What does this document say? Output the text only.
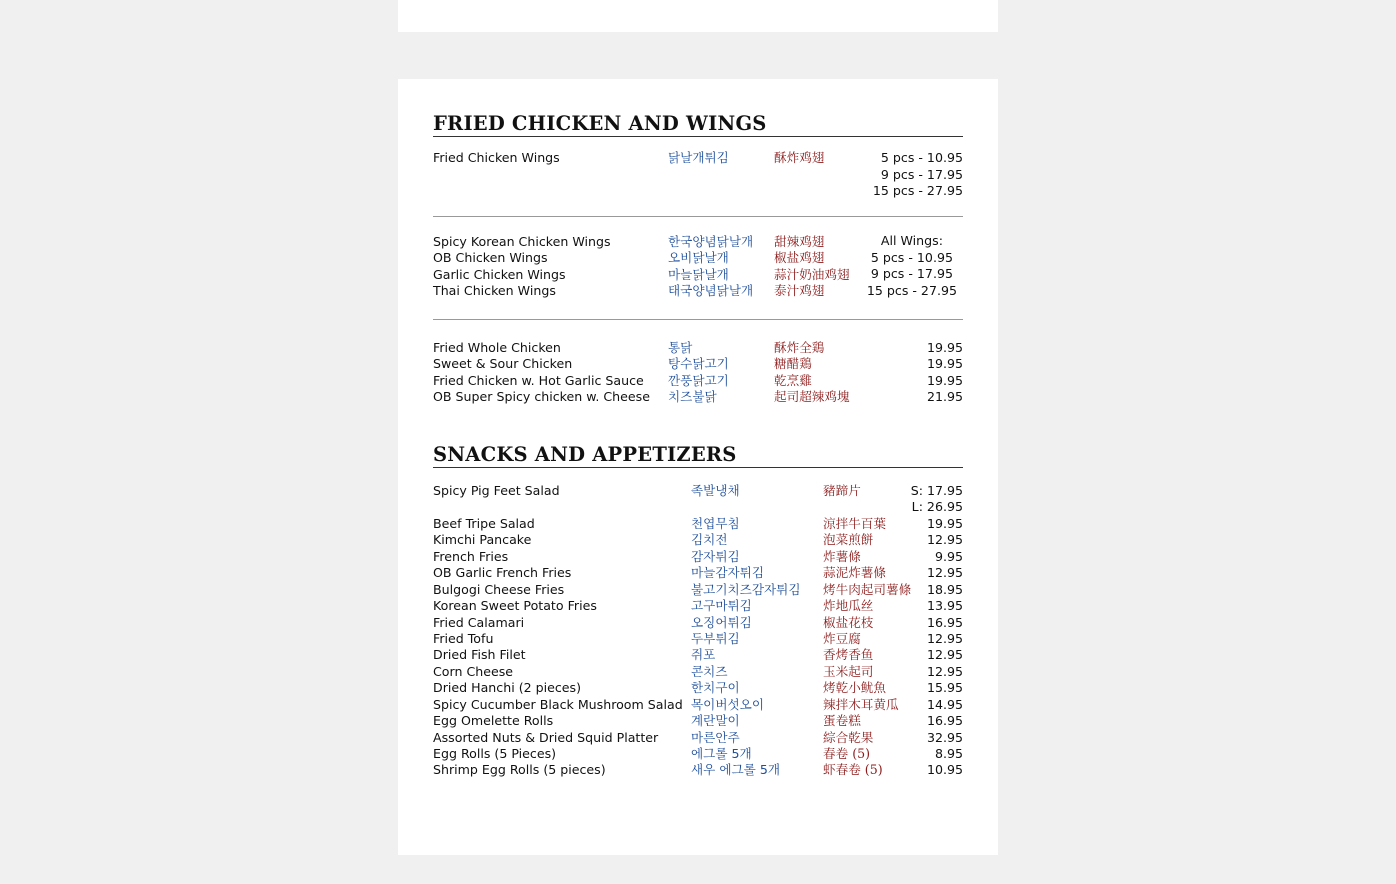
FRIED CHICKEN AND WINGS
Fried Chicken Wings	닭날개튀김	酥炸鸡翅	5 pcs - 10.95
9 pcs - 17.95
15 pcs - 27.95
Spicy Korean Chicken Wings	한국양념닭날개 甜辣鸡翅
OB Chicken Wings	오비닭날개	椒盐鸡翅
Garlic Chicken Wings	마늘닭날개	蒜汁奶油鸡翅
Thai Chicken Wings	태국양념닭날개 泰汁鸡翅
All Wings:
5 pcs - 10.95
9 pcs - 17.95
15 pcs - 27.95
Fried Whole Chicken	통닭	酥炸全鶏	19.95
Sweet & Sour Chicken	탕수닭고기	糖醋鶏	19.95
Fried Chicken w. Hot Garlic Sauce 깐풍닭고기	乾烹雞	19.95
OB Super Spicy chicken w. Cheese 치즈불닭	起司超辣鸡塊	21.95
SNACKS AND APPETIZERS
Spicy Pig Feet Salad	족발냉채	豬蹄片	S: 17.95
L: 26.95
Beef Tripe Salad	천엽무침	涼拌牛百葉	19.95
Kimchi Pancake	김치전	泡菜煎餅	12.95
French Fries	감자튀김	炸薯條	9.95
OB Garlic French Fries	마늘감자튀김	蒜泥炸薯條	12.95
Bulgogi Cheese Fries	불고기치즈감자튀김 烤牛肉起司薯條 18.95
Korean Sweet Potato Fries	고구마튀김	炸地瓜丝	13.95
Fried Calamari	오징어튀김	椒盐花枝	16.95
Fried Tofu	두부튀김	炸豆腐	12.95
Dried Fish Filet	쥐포	香烤香鱼	12.95
Corn Cheese	콘치즈	玉米起司	12.95
Dried Hanchi (2 pieces)	한치구이	烤乾小鱿魚	15.95
Spicy Cucumber Black Mushroom Salad 목이버섯오이	辣拌木耳黄瓜 14.95
Egg Omelette Rolls	계란말이	蛋卷糕	16.95
Assorted Nuts & Dried Squid Platter	마른안주	綜合乾果	32.95
Egg Rolls (5 Pieces)	에그롤 5개	春卷 (5)	8.95
Shrimp Egg Rolls (5 pieces)	새우 에그롤 5개	虾春卷 (5)	10.95
